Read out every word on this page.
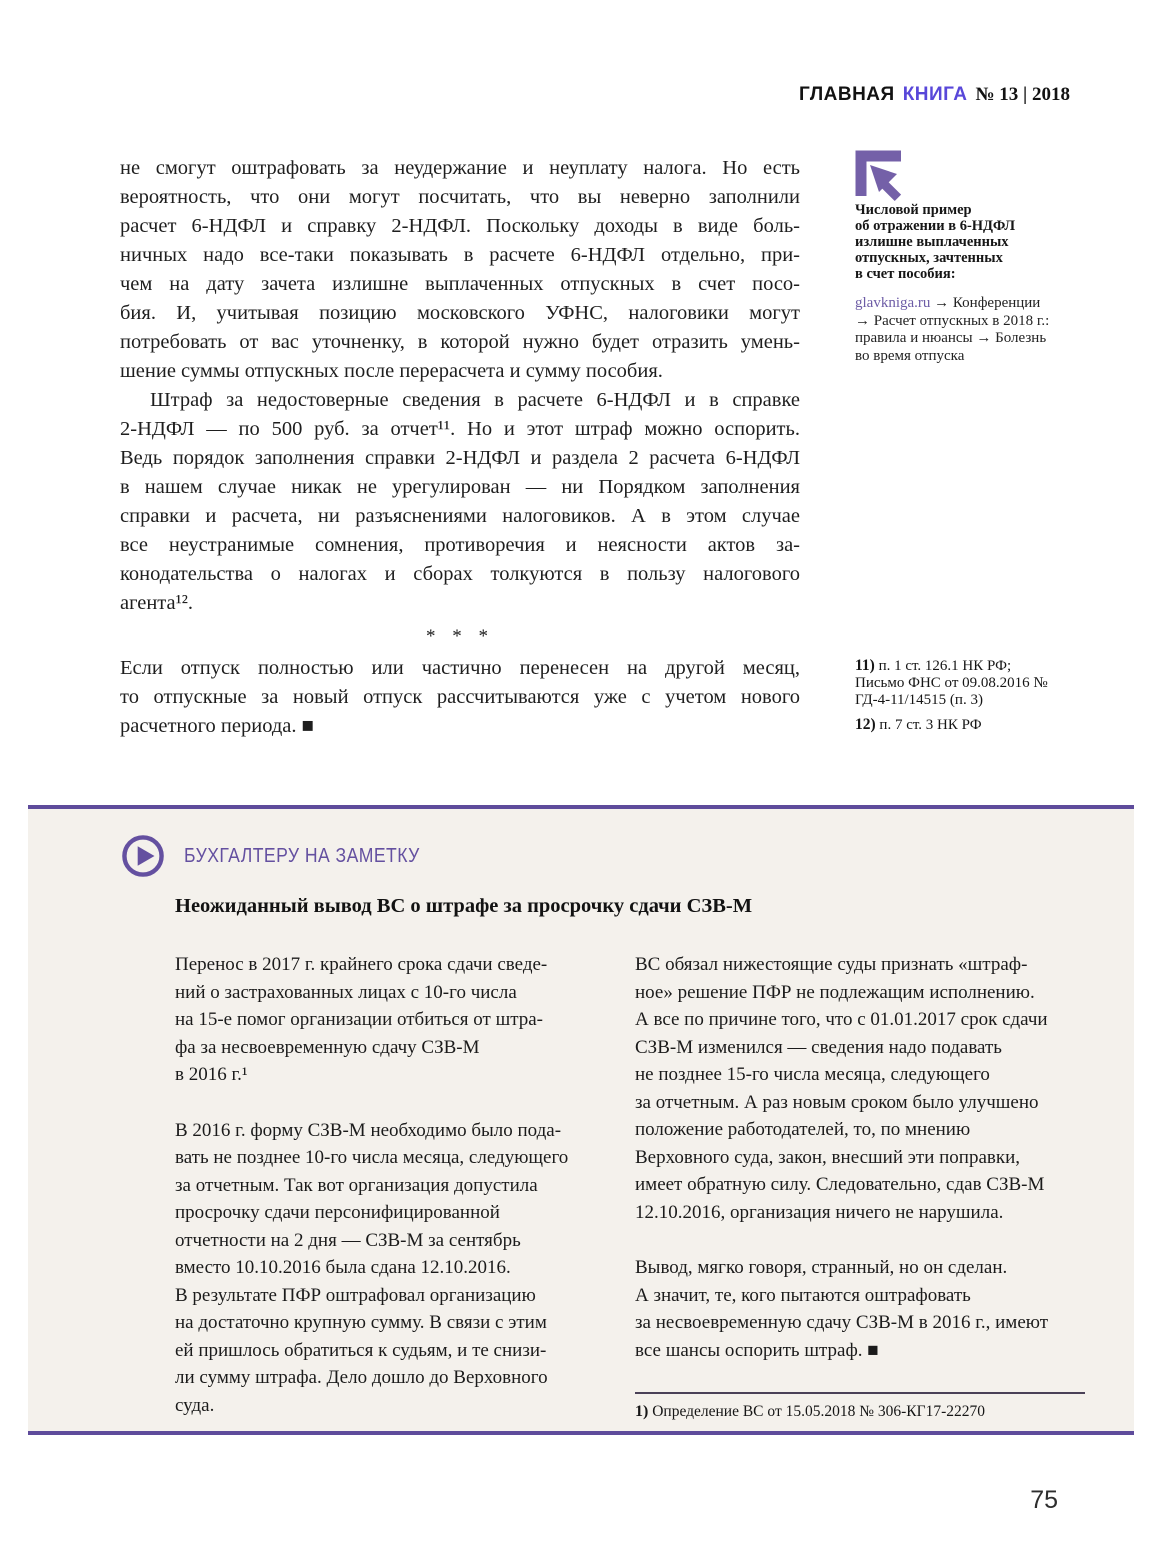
ГЛАВНАЯ КНИГА № 13 | 2018
не смогут оштрафовать за неудержание и неуплату налога. Но есть
вероятность, что они могут посчитать, что вы неверно заполнили
расчет 6-НДФЛ и справку 2-НДФЛ. Поскольку доходы в виде боль-
ничных надо все-таки показывать в расчете 6-НДФЛ отдельно, при-
чем на дату зачета излишне выплаченных отпускных в счет посо-
бия. И, учитывая позицию московского УФНС, налоговики могут
потребовать от вас уточненку, в которой нужно будет отразить умень-
шение суммы отпускных после перерасчета и сумму пособия.
Штраф за недостоверные сведения в расчете 6-НДФЛ и в справке
2-НДФЛ — по 500 руб. за отчет¹¹. Но и этот штраф можно оспорить.
Ведь порядок заполнения справки 2-НДФЛ и раздела 2 расчета 6-НДФЛ
в нашем случае никак не урегулирован — ни Порядком заполнения
справки и расчета, ни разъяснениями налоговиков. А в этом случае
все неустранимые сомнения, противоречия и неясности актов за-
конодательства о налогах и сборах толкуются в пользу налогового
агента¹².
* * *
Если отпуск полностью или частично перенесен на другой месяц,
то отпускные за новый отпуск рассчитываются уже с учетом нового
расчетного периода. ■
Числовой пример
об отражении в 6-НДФЛ
излишне выплаченных
отпускных, зачтенных
в счет пособия:
glavkniga.ru → Конференции → Расчет отпускных в 2018 г.: правила и нюансы → Болезнь во время отпуска
11) п. 1 ст. 126.1 НК РФ; Письмо ФНС от 09.08.2016 № ГД-4-11/14515 (п. 3)
12) п. 7 ст. 3 НК РФ
БУХГАЛТЕРУ НА ЗАМЕТКУ
Неожиданный вывод ВС о штрафе за просрочку сдачи СЗВ-М
Перенос в 2017 г. крайнего срока сдачи сведе-
ний о застрахованных лицах с 10-го числа
на 15-е помог организации отбиться от штра-
фа за несвоевременную сдачу СЗВ-М
в 2016 г.¹
В 2016 г. форму СЗВ-М необходимо было пода-
вать не позднее 10-го числа месяца, следующего
за отчетным. Так вот организация допустила
просрочку сдачи персонифицированной
отчетности на 2 дня — СЗВ-М за сентябрь
вместо 10.10.2016 была сдана 12.10.2016.
В результате ПФР оштрафовал организацию
на достаточно крупную сумму. В связи с этим
ей пришлось обратиться к судьям, и те снизи-
ли сумму штрафа. Дело дошло до Верховного
суда.
ВС обязал нижестоящие суды признать «штраф-
ное» решение ПФР не подлежащим исполнению.
А все по причине того, что с 01.01.2017 срок сдачи
СЗВ-М изменился — сведения надо подавать
не позднее 15-го числа месяца, следующего
за отчетным. А раз новым сроком было улучшено
положение работодателей, то, по мнению
Верховного суда, закон, внесший эти поправки,
имеет обратную силу. Следовательно, сдав СЗВ-М
12.10.2016, организация ничего не нарушила.
Вывод, мягко говоря, странный, но он сделан.
А значит, те, кого пытаются оштрафовать
за несвоевременную сдачу СЗВ-М в 2016 г., имеют
все шансы оспорить штраф. ■
1) Определение ВС от 15.05.2018 № 306-КГ17-22270
75
